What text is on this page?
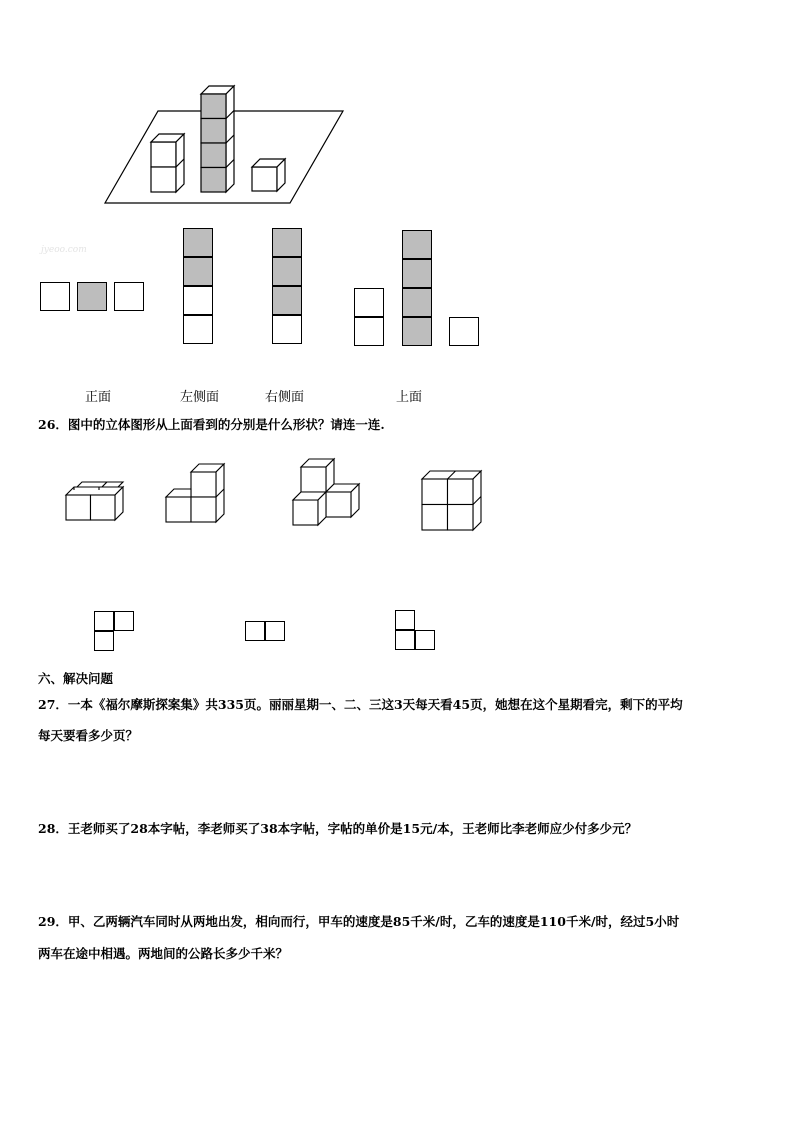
jyeoo.com
正面	左侧面	右侧面	上面
26．图中的立体图形从上面看到的分别是什么形状？请连一连.
六、解决问题
27．一本《福尔摩斯探案集》共335页。丽丽星期一、二、三这3天每天看45页，她想在这个星期看完，剩下的平均
每天要看多少页？
28．王老师买了28本字帖，李老师买了38本字帖，字帖的单价是15元/本，王老师比李老师应少付多少元？
29．甲、乙两辆汽车同时从两地出发，相向而行，甲车的速度是85千米/时，乙车的速度是110千米/时，经过5小时
两车在途中相遇。两地间的公路长多少千米？
